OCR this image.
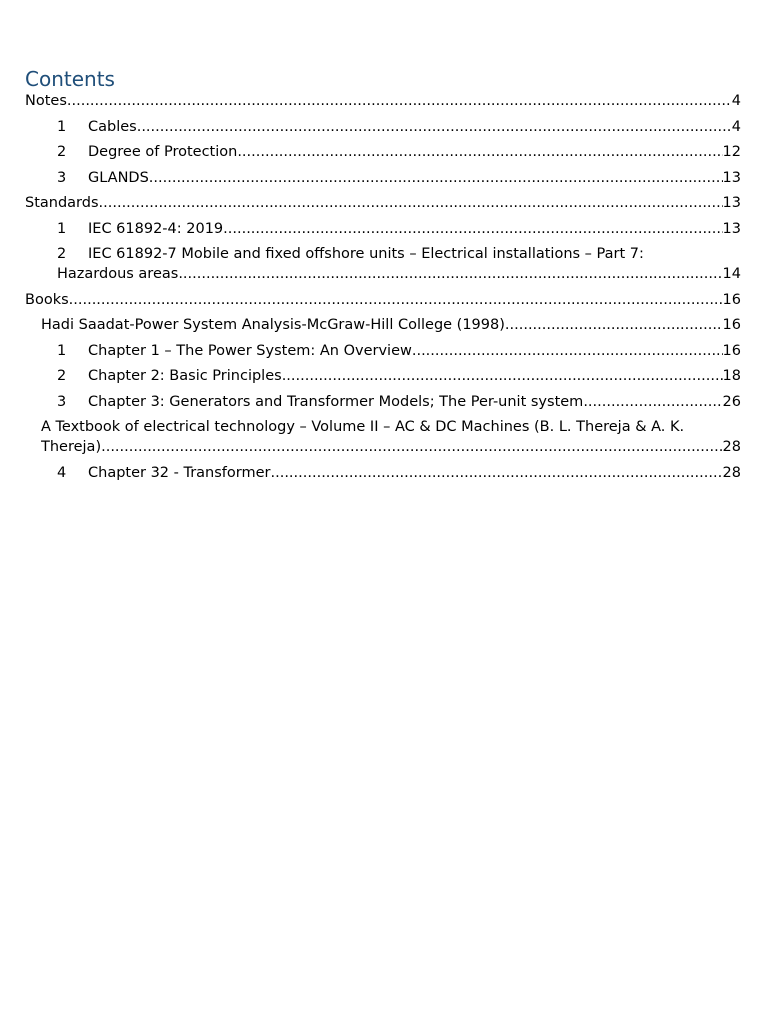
Contents
Notes .....	4
1	Cables .....	4
2	Degree of Protection .....	12
3	GLANDS .....	13
Standards .....	13
1	IEC 61892-4: 2019 .....	13
2 IEC 61892-7 Mobile and fixed offshore units – Electrical installations – Part 7:
Hazardous areas .....	14
Books .....	16
Hadi Saadat-Power System Analysis-McGraw-Hill College (1998) .....	16
1	Chapter 1 – The Power System: An Overview .....	16
2	Chapter 2: Basic Principles .....	18
3	Chapter 3: Generators and Transformer Models; The Per-unit system .....	26
A Textbook of electrical technology – Volume II – AC & DC Machines (B. L. Thereja & A. K.
Thereja) .....	28
4	Chapter 32 - Transformer .....	28
